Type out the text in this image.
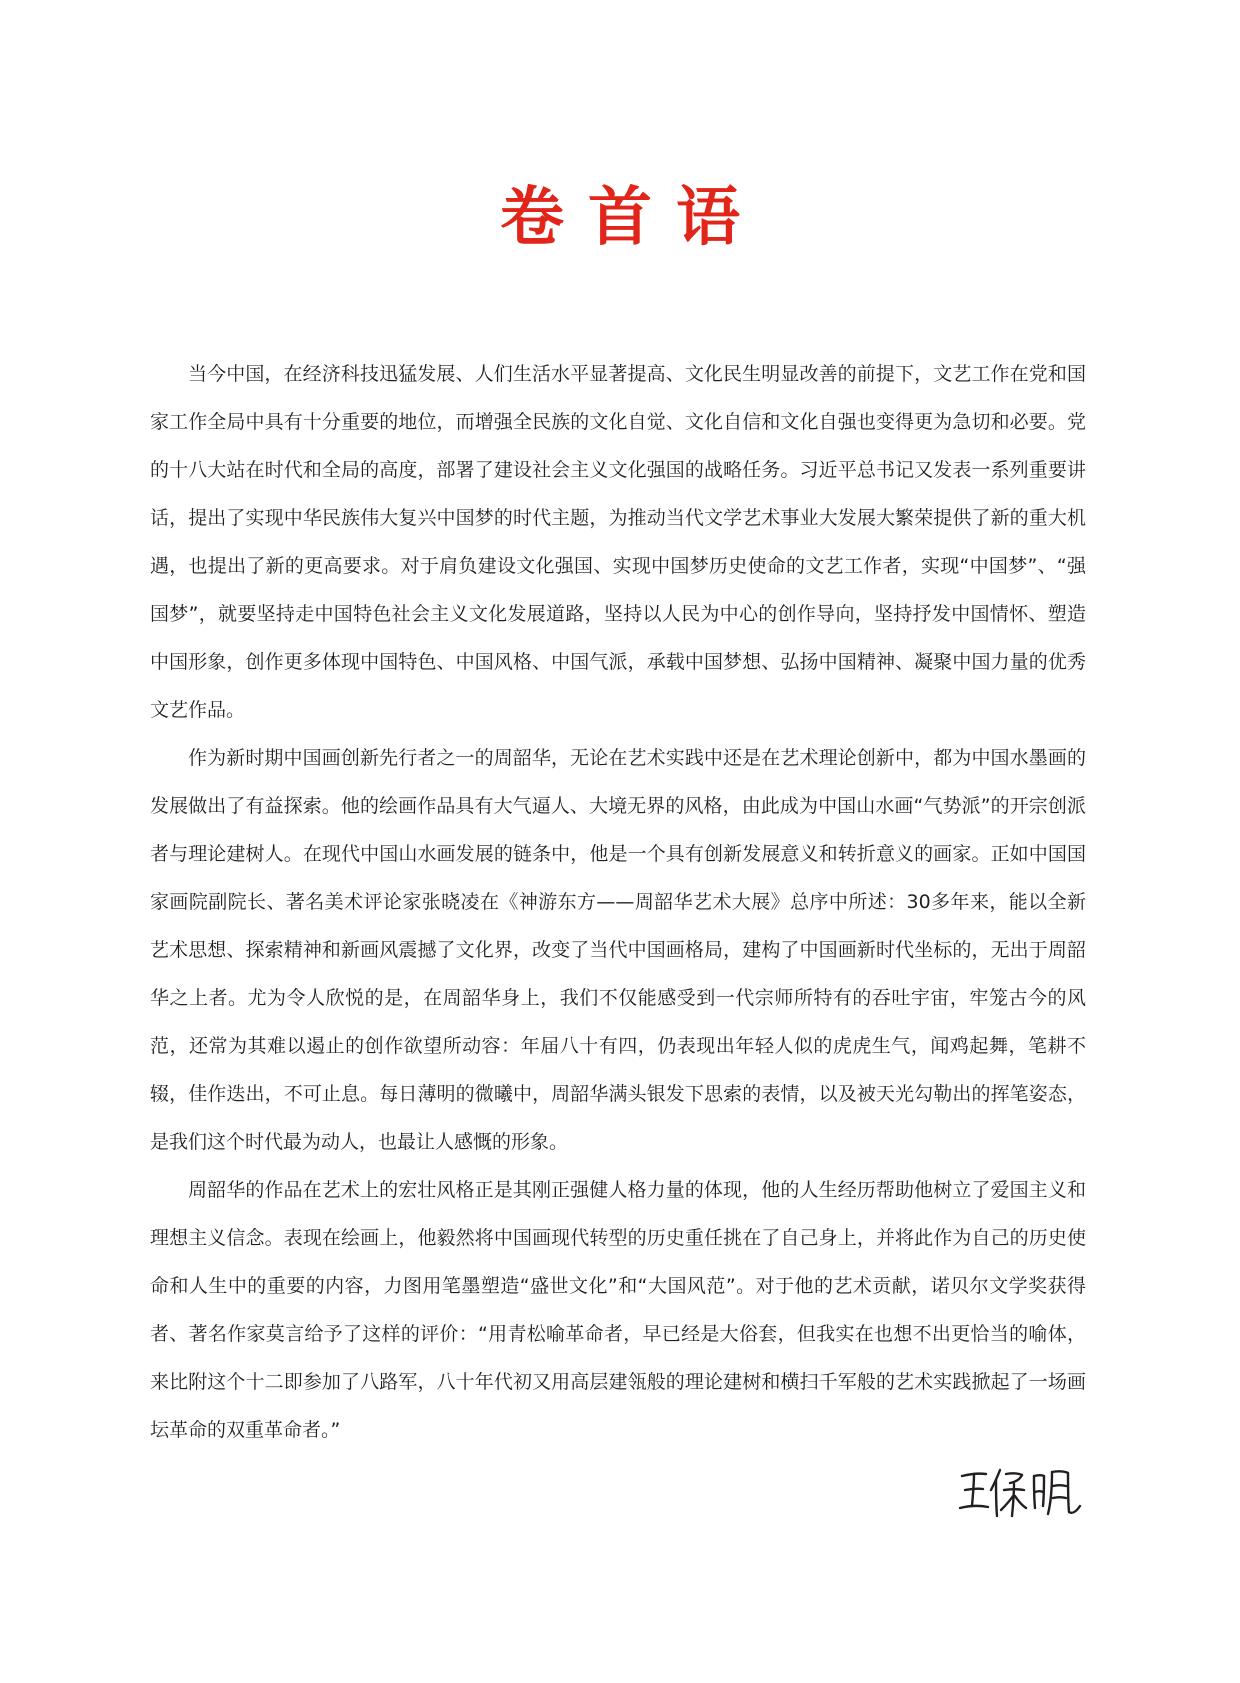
卷首语

当今中国，在经济科技迅猛发展、人们生活水平显著提高、文化民生明显改善的前提下，文艺工作在党和国家工作全局中具有十分重要的地位，而增强全民族的文化自觉、文化自信和文化自强也变得更为急切和必要。党的十八大站在时代和全局的高度，部署了建设社会主义文化强国的战略任务。习近平总书记又发表一系列重要讲话，提出了实现中华民族伟大复兴中国梦的时代主题，为推动当代文学艺术事业大发展大繁荣提供了新的重大机遇，也提出了新的更高要求。对于肩负建设文化强国、实现中国梦历史使命的文艺工作者，实现“中国梦”、“强国梦”，就要坚持走中国特色社会主义文化发展道路，坚持以人民为中心的创作导向，坚持抒发中国情怀、塑造中国形象，创作更多体现中国特色、中国风格、中国气派，承载中国梦想、弘扬中国精神、凝聚中国力量的优秀文艺作品。

作为新时期中国画创新先行者之一的周韶华，无论在艺术实践中还是在艺术理论创新中，都为中国水墨画的发展做出了有益探索。他的绘画作品具有大气逼人、大境无界的风格，由此成为中国山水画“气势派”的开宗创派者与理论建树人。在现代中国山水画发展的链条中，他是一个具有创新发展意义和转折意义的画家。正如中国国家画院副院长、著名美术评论家张晓凌在《神游东方——周韶华艺术大展》总序中所述：30多年来，能以全新艺术思想、探索精神和新画风震撼了文化界，改变了当代中国画格局，建构了中国画新时代坐标的，无出于周韶华之上者。尤为令人欣悦的是，在周韶华身上，我们不仅能感受到一代宗师所特有的吞吐宇宙，牢笼古今的风范，还常为其难以遏止的创作欲望所动容：年届八十有四，仍表现出年轻人似的虎虎生气，闻鸡起舞，笔耕不辍，佳作迭出，不可止息。每日薄明的微曦中，周韶华满头银发下思索的表情，以及被天光勾勒出的挥笔姿态，是我们这个时代最为动人，也最让人感慨的形象。

周韶华的作品在艺术上的宏壮风格正是其刚正强健人格力量的体现，他的人生经历帮助他树立了爱国主义和理想主义信念。表现在绘画上，他毅然将中国画现代转型的历史重任挑在了自己身上，并将此作为自己的历史使命和人生中的重要的内容，力图用笔墨塑造“盛世文化”和“大国风范”。对于他的艺术贡献，诺贝尔文学奖获得者、著名作家莫言给予了这样的评价：“用青松喻革命者，早已经是大俗套，但我实在也想不出更恰当的喻体，来比附这个十二即参加了八路军，八十年代初又用高层建瓴般的理论建树和横扫千军般的艺术实践掀起了一场画坛革命的双重革命者。”
